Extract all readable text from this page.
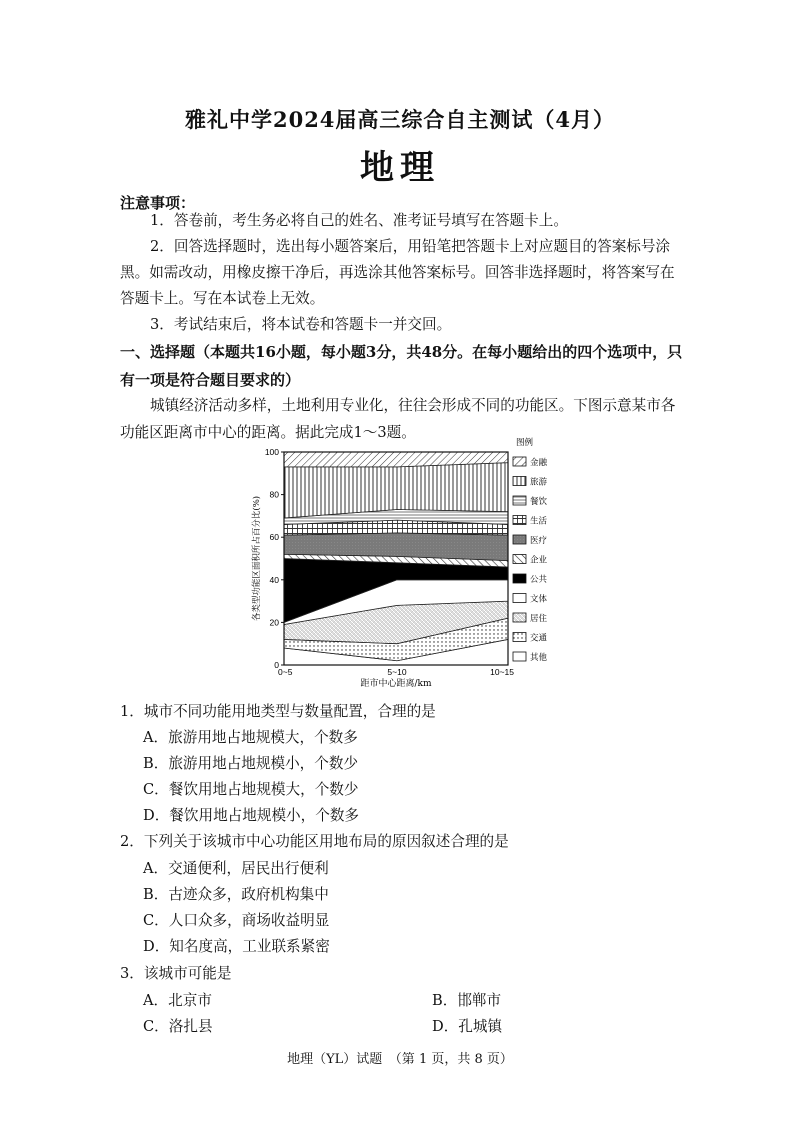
雅礼中学2024届高三综合自主测试（4月）
地理
注意事项：

1．答卷前，考生务必将自己的姓名、准考证号填写在答题卡上。

2．回答选择题时，选出每小题答案后，用铅笔把答题卡上对应题目的答案标号涂黑。如需改动，用橡皮擦干净后，再选涂其他答案标号。回答非选择题时，将答案写在答题卡上。写在本试卷上无效。

3．考试结束后，将本试卷和答题卡一并交回。

一、选择题（本题共16小题，每小题3分，共48分。在每小题给出的四个选项中，只有一项是符合题目要求的）

城镇经济活动多样，土地利用专业化，往往会形成不同的功能区。下图示意某市各功能区距离市中心的距离。据此完成1～3题。

0
20
40
60
80
100
0~5	5~10	10~15
距市中心距离/km
各类型功能区面积所占百分比(%)
图例
金融
旅游
餐饮
生活
医疗
企业
公共
文体
居住
交通
其他
1．城市不同功能用地类型与数量配置，合理的是
A．旅游用地占地规模大，个数多
B．旅游用地占地规模小，个数少
C．餐饮用地占地规模大，个数少
D．餐饮用地占地规模小，个数多
2．下列关于该城市中心功能区用地布局的原因叙述合理的是
A．交通便利，居民出行便利
B．古迹众多，政府机构集中
C．人口众多，商场收益明显
D．知名度高，工业联系紧密
3．该城市可能是
A．北京市	B．邯郸市
C．洛扎县	D．孔城镇
地理（YL）试题　（第 1 页，共 8 页）
